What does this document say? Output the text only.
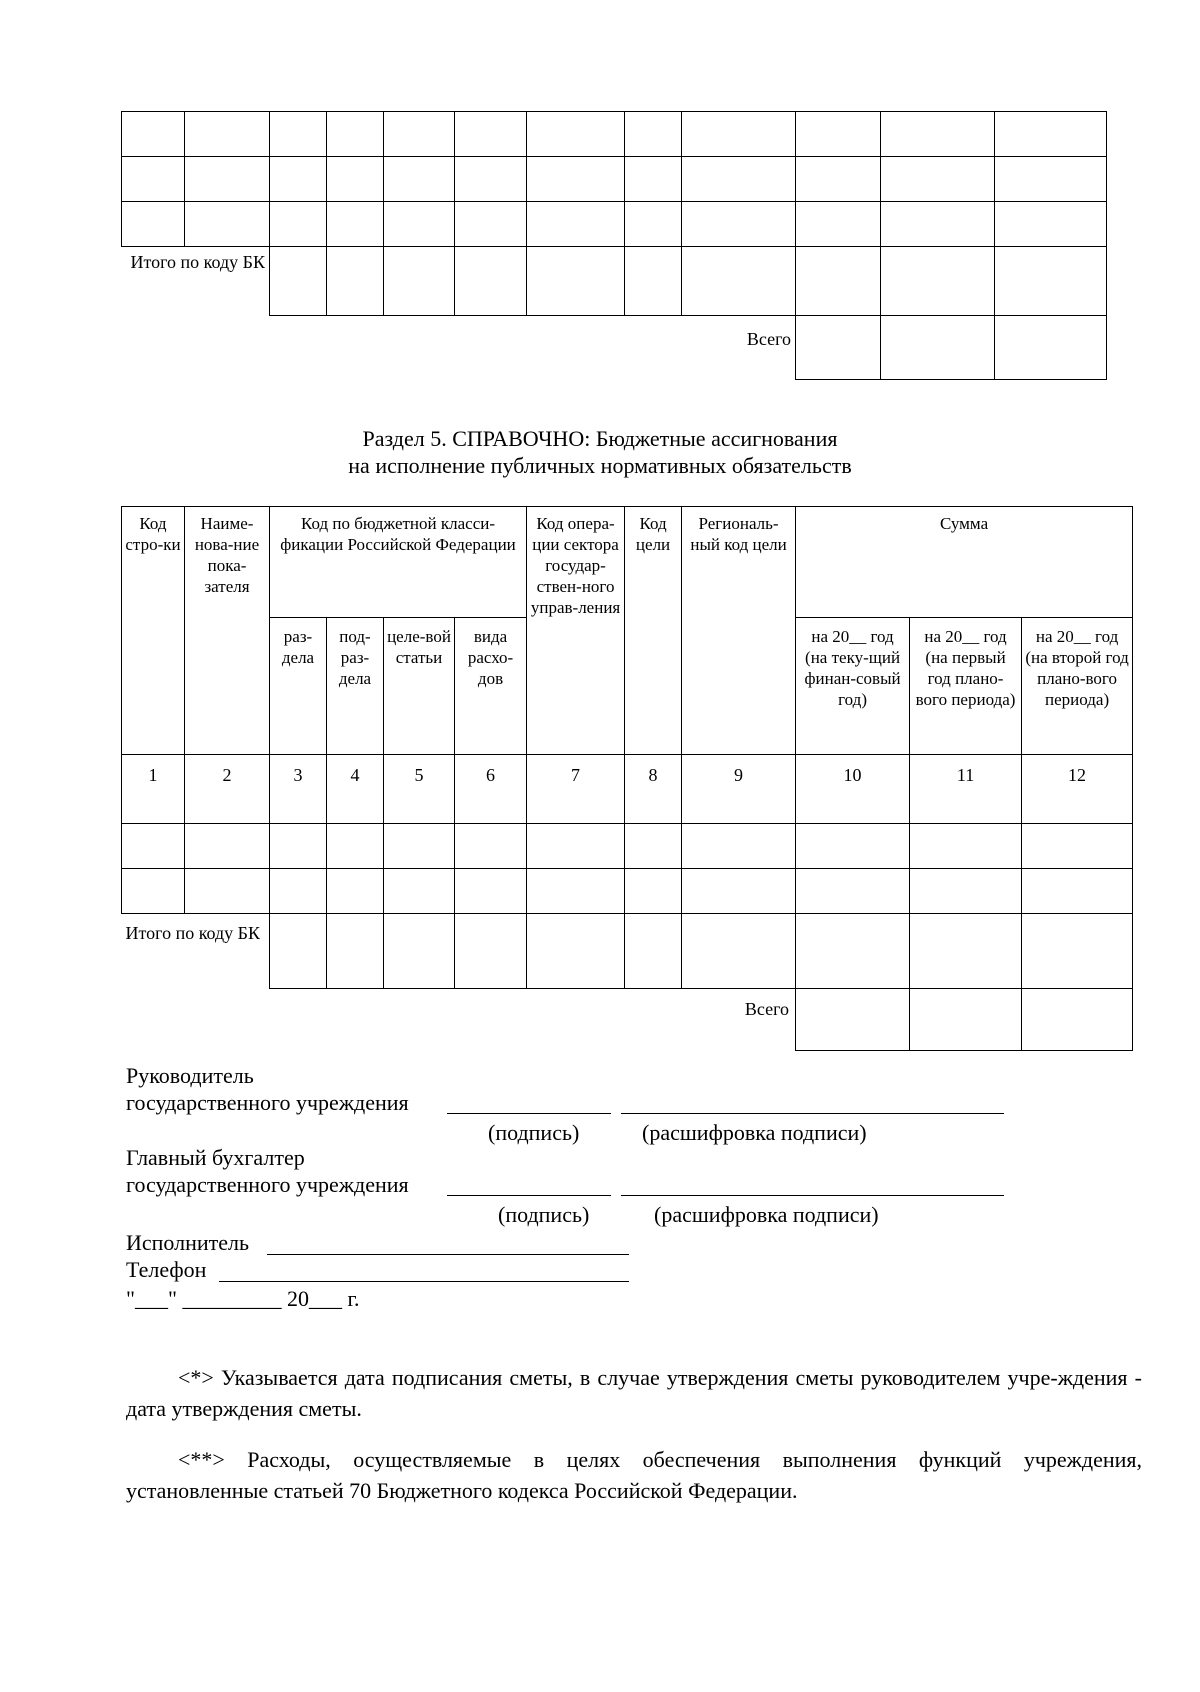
Итого по коду БК											
Всего											
Раздел 5. СПРАВОЧНО: Бюджетные ассигнования
на исполнение публичных нормативных обязательств
Код стро-ки	Наиме-нова-ние пока-зателя	Код по бюджетной класси-фикации Российской Федерации				Код опера-ции сектора государ-ствен-ного управ-ления	Код цели	Региональ-ный код цели	Сумма		
		раз-дела	под-раз-дела	целе-вой статьи	вида расхо-дов				на 20__ год (на теку-щий финан-совый год)	на 20__ год (на первый год плано-вого периода)	на 20__ год (на второй год плано-вого периода)
1	2	3	4	5	6	7	8	9	10	11	12

Итого по коду БК											
Всего											
Руководитель
государственного учреждения
(подпись)	(расшифровка подписи)
Главный бухгалтер
государственного учреждения
(подпись)	(расшифровка подписи)
Исполнитель
Телефон
"___" _________ 20___ г.
<*> Указывается дата подписания сметы, в случае утверждения сметы руководителем учре-ждения - дата утверждения сметы.
<**> Расходы, осуществляемые в целях обеспечения выполнения функций учреждения, установленные статьей 70 Бюджетного кодекса Российской Федерации.
